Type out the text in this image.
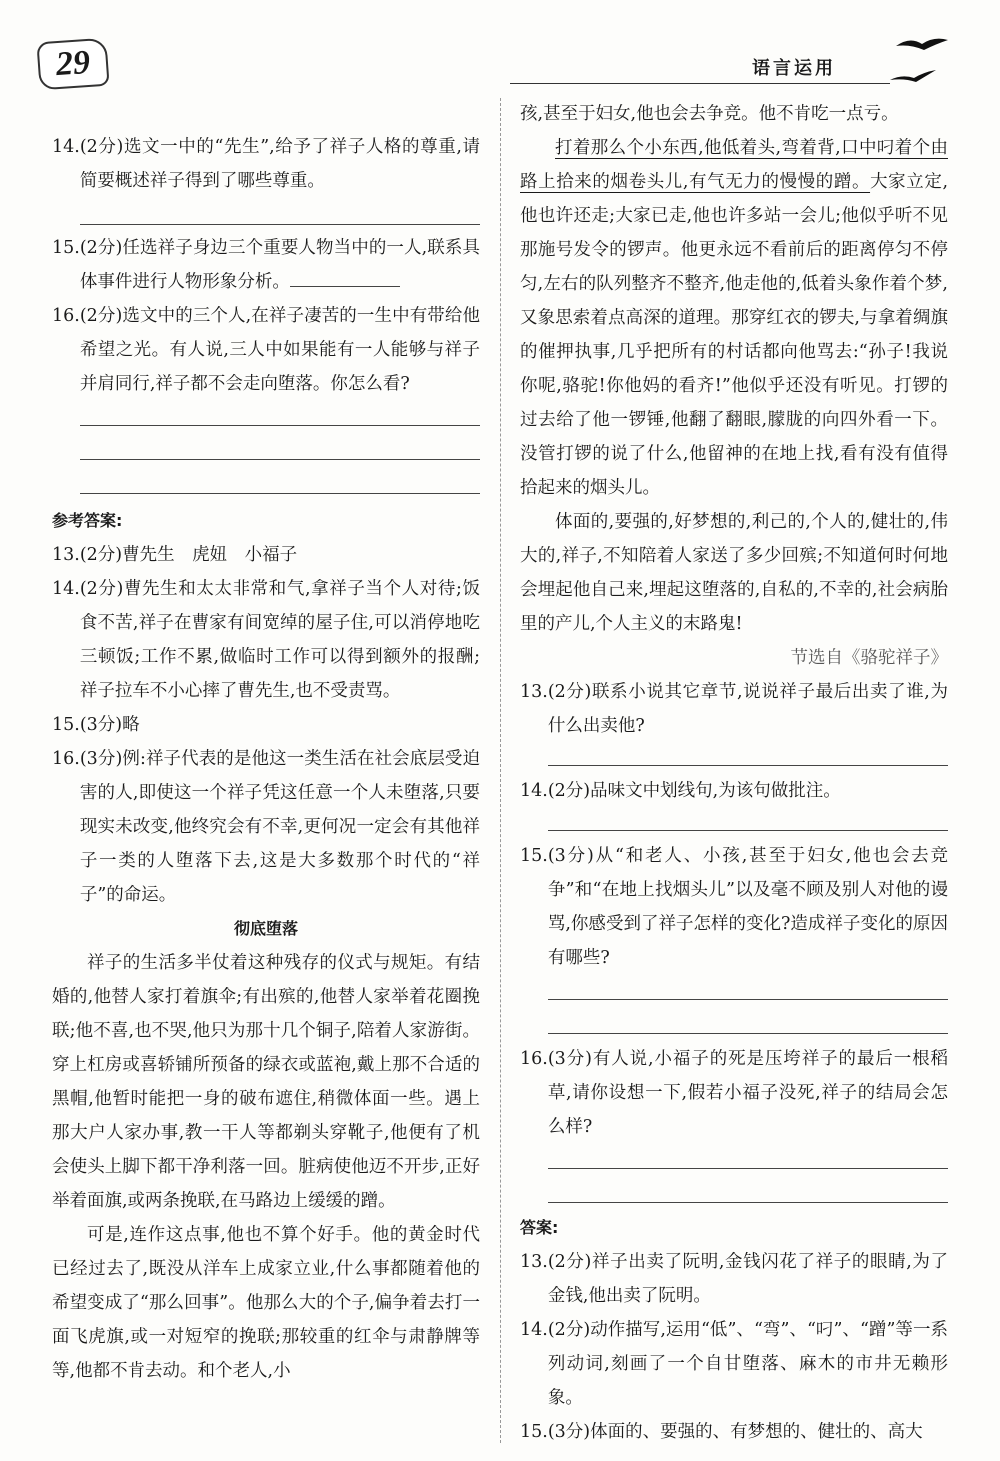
29	语言运用
14. (2分)选文一中的“先生”,给予了祥子人格的尊重,请简要概述祥子得到了哪些尊重。
15. (2分)任选祥子身边三个重要人物当中的一人,联系具体事件进行人物形象分析。
16. (2分)选文中的三个人,在祥子凄苦的一生中有带给他希望之光。有人说,三人中如果能有一人能够与祥子并肩同行,祥子都不会走向堕落。你怎么看?
参考答案:
13. (2分)曹先生　虎妞　小福子
14. (2分)曹先生和太太非常和气,拿祥子当个人对待;饭食不苦,祥子在曹家有间宽绰的屋子住,可以消停地吃三顿饭;工作不累,做临时工作可以得到额外的报酬;祥子拉车不小心摔了曹先生,也不受责骂。
15. (3分)略
16. (3分)例:祥子代表的是他这一类生活在社会底层受迫害的人,即使这一个祥子凭这任意一个人未堕落,只要现实未改变,他终究会有不幸,更何况一定会有其他祥子一类的人堕落下去,这是大多数那个时代的“祥子”的命运。
彻底堕落

祥子的生活多半仗着这种残存的仪式与规矩。有结婚的,他替人家打着旗伞;有出殡的,他替人家举着花圈挽联;他不喜,也不哭,他只为那十几个铜子,陪着人家游街。穿上杠房或喜轿铺所预备的绿衣或蓝袍,戴上那不合适的黑帽,他暂时能把一身的破布遮住,稍微体面一些。遇上那大户人家办事,教一干人等都剃头穿靴子,他便有了机会使头上脚下都干净利落一回。脏病使他迈不开步,正好举着面旗,或两条挽联,在马路边上缓缓的蹭。

可是,连作这点事,他也不算个好手。他的黄金时代已经过去了,既没从洋车上成家立业,什么事都随着他的希望变成了“那么回事”。他那么大的个子,偏争着去打一面飞虎旗,或一对短窄的挽联;那较重的红伞与肃静牌等等,他都不肯去动。和个老人,小

孩,甚至于妇女,他也会去争竞。他不肯吃一点亏。

打着那么个小东西,他低着头,弯着背,口中叼着个由路上拾来的烟卷头儿,有气无力的慢慢的蹭。大家立定,他也许还走;大家已走,他也许多站一会儿;他似乎听不见那施号发令的锣声。他更永远不看前后的距离停匀不停匀,左右的队列整齐不整齐,他走他的,低着头象作着个梦,又象思索着点高深的道理。那穿红衣的锣夫,与拿着绸旗的催押执事,几乎把所有的村话都向他骂去:“孙子!我说你呢,骆驼!你他妈的看齐!”他似乎还没有听见。打锣的过去给了他一锣锤,他翻了翻眼,朦胧的向四外看一下。没管打锣的说了什么,他留神的在地上找,看有没有值得拾起来的烟头儿。

体面的,要强的,好梦想的,利己的,个人的,健壮的,伟大的,祥子,不知陪着人家送了多少回殡;不知道何时何地会埋起他自己来,埋起这堕落的,自私的,不幸的,社会病胎里的产儿,个人主义的末路鬼!

节选自《骆驼祥子》
13. (2分)联系小说其它章节,说说祥子最后出卖了谁,为什么出卖他?
14. (2分)品味文中划线句,为该句做批注。
15. (3分)从“和老人、小孩,甚至于妇女,他也会去竞争”和“在地上找烟头儿”以及毫不顾及别人对他的谩骂,你感受到了祥子怎样的变化?造成祥子变化的原因有哪些?
16. (3分)有人说,小福子的死是压垮祥子的最后一根稻草,请你设想一下,假若小福子没死,祥子的结局会怎么样?
答案:
13. (2分)祥子出卖了阮明,金钱闪花了祥子的眼睛,为了金钱,他出卖了阮明。
14. (2分)动作描写,运用“低”、“弯”、“叼”、“蹭”等一系列动词,刻画了一个自甘堕落、麻木的市井无赖形象。
15. (3分)体面的、要强的、有梦想的、健壮的、高大
